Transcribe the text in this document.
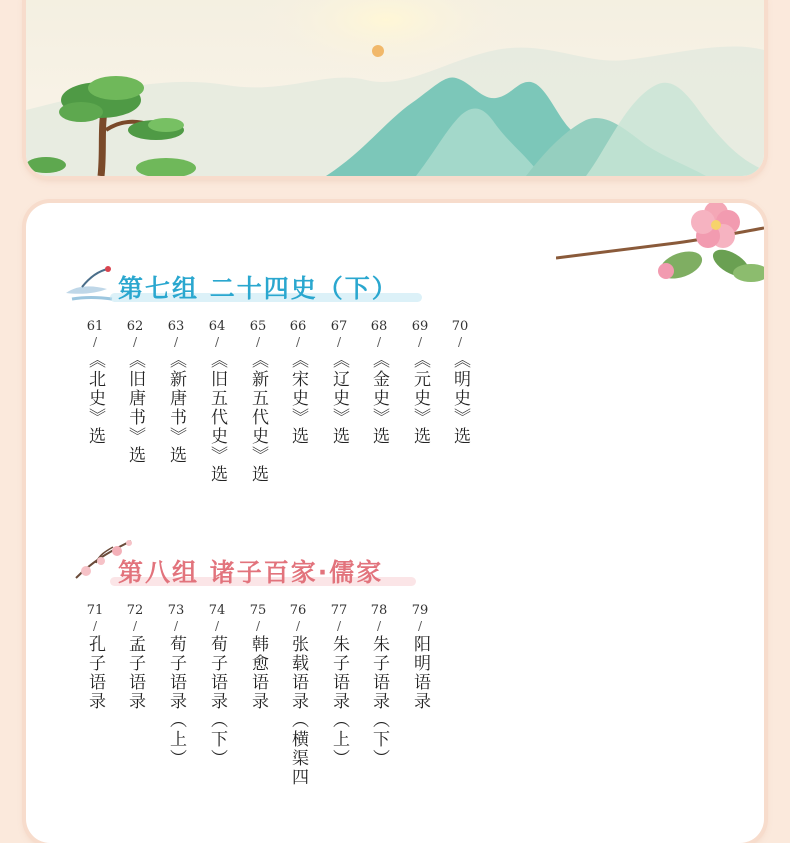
第七组 二十四史（下）
61
/
《北史》选
62
/
《旧唐书》选
63
/
《新唐书》选
64
/
《旧五代史》选
65
/
《新五代史》选
66
/
《宋史》选
67
/
《辽史》选
68
/
《金史》选
69
/
《元史》选
70
/
《明史》选
第八组 诸子百家·儒家
71
/
孔子语录
72
/
孟子语录
73
/
荀子语录（上）
74
/
荀子语录（下）
75
/
韩愈语录
76
/
张载语录（横渠四
77
/
朱子语录（上）
78
/
朱子语录（下）
79
/
阳明语录
